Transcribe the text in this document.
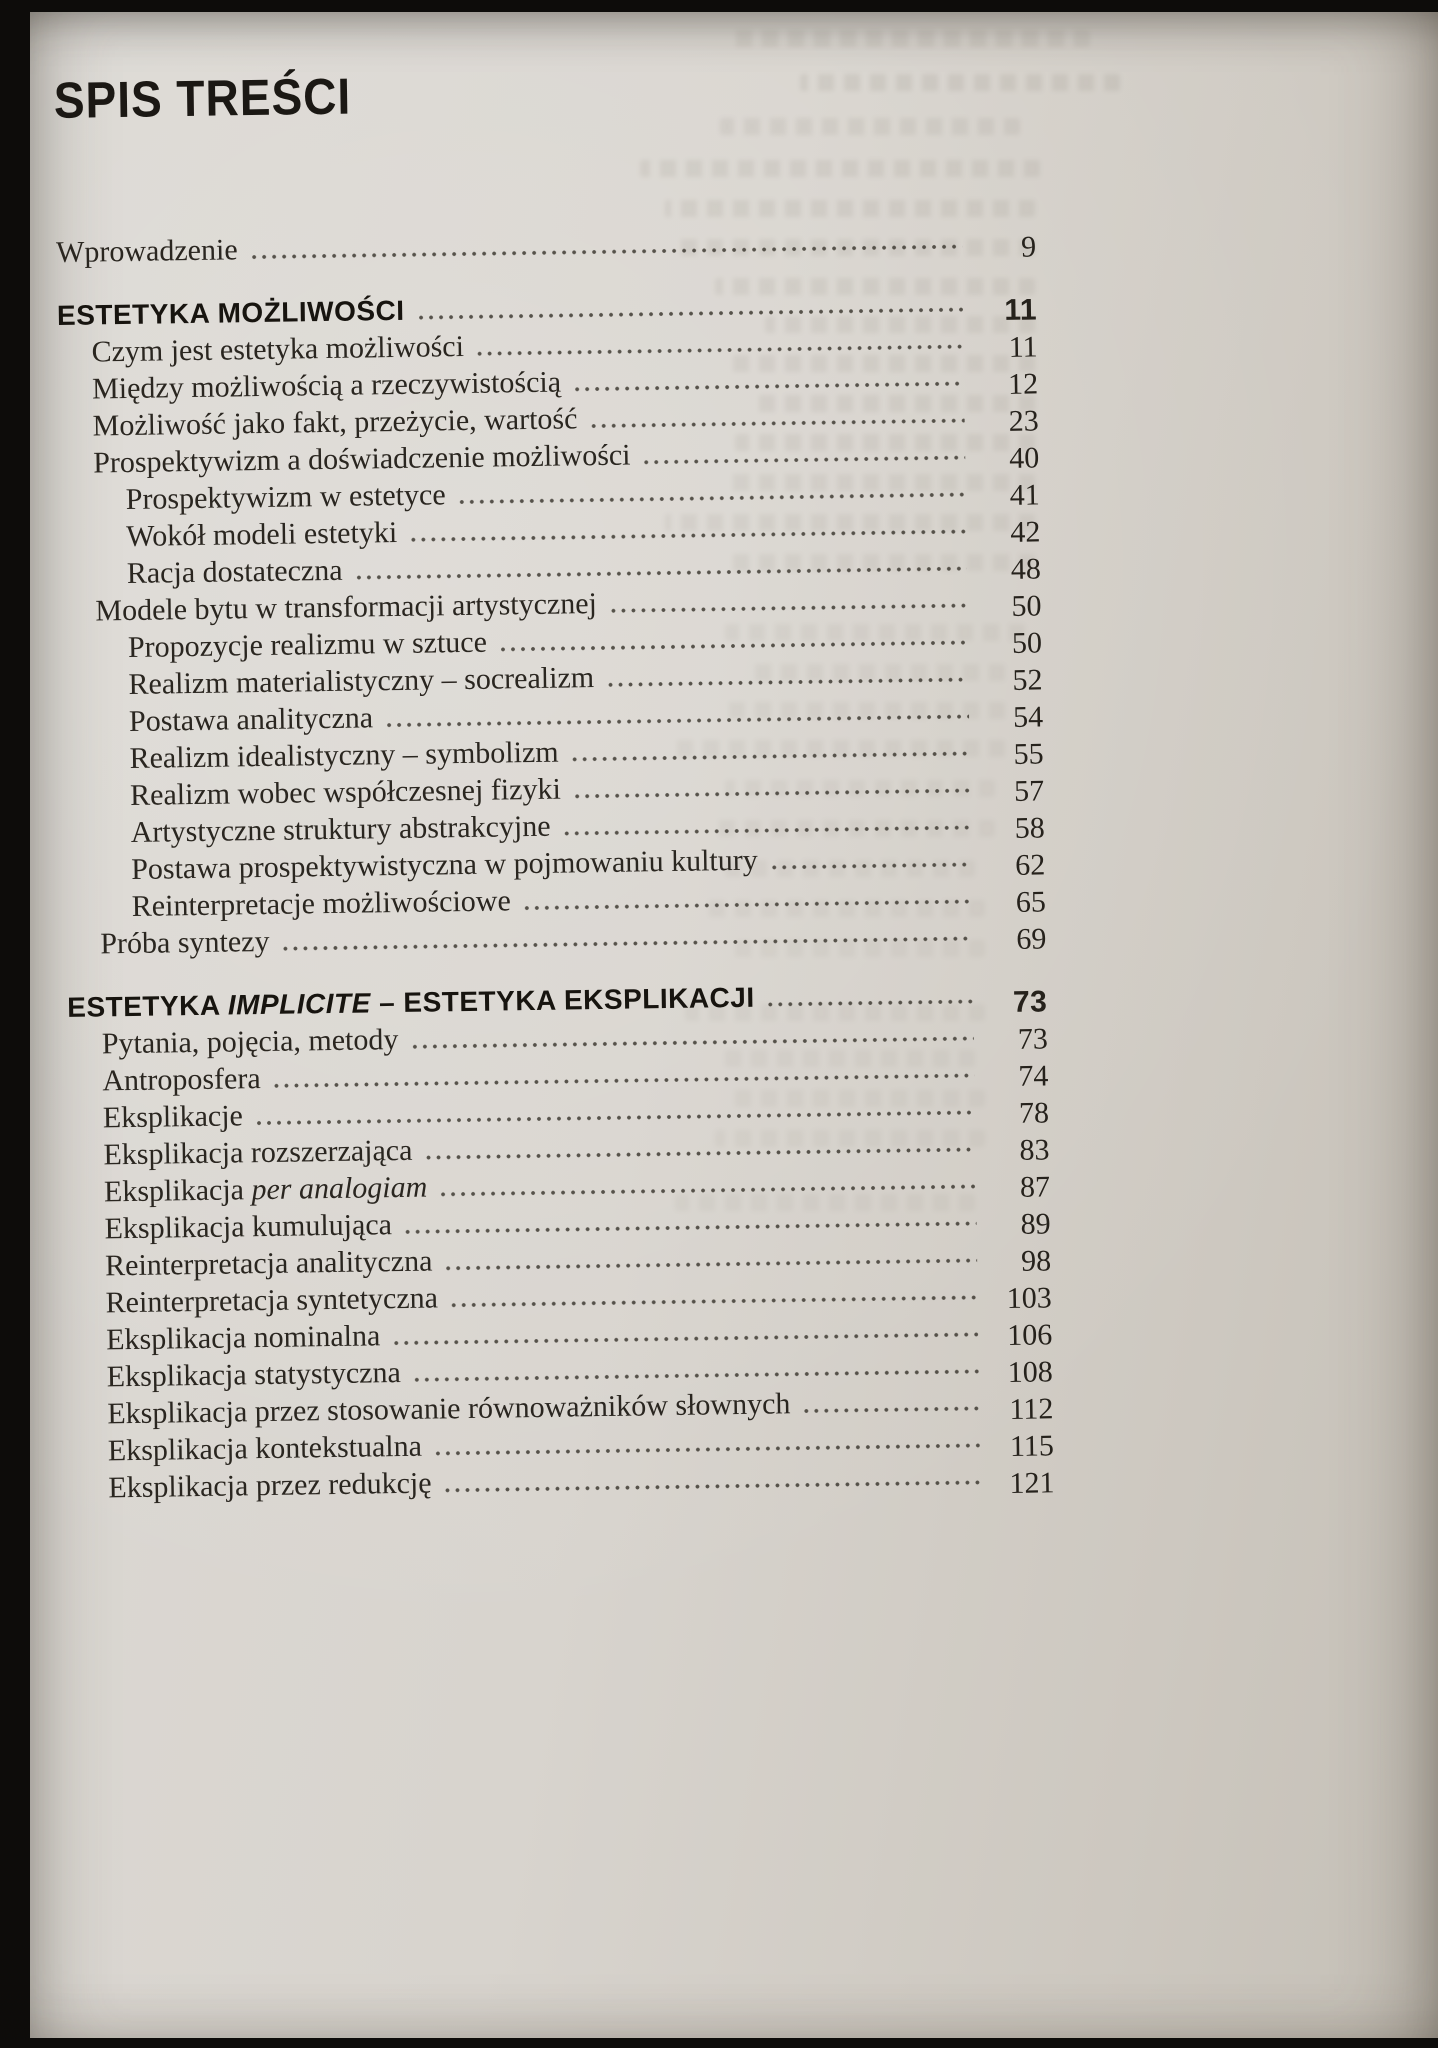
SPIS TREŚCI
Wprowadzenie	9
ESTETYKA MOŻLIWOŚCI	11
Czym jest estetyka możliwości	11
Między możliwością a rzeczywistością	12
Możliwość jako fakt, przeżycie, wartość	23
Prospektywizm a doświadczenie możliwości	40
Prospektywizm w estetyce	41
Wokół modeli estetyki	42
Racja dostateczna	48
Modele bytu w transformacji artystycznej	50
Propozycje realizmu w sztuce	50
Realizm materialistyczny – socrealizm	52
Postawa analityczna	54
Realizm idealistyczny – symbolizm	55
Realizm wobec współczesnej fizyki	57
Artystyczne struktury abstrakcyjne	58
Postawa prospektywistyczna w pojmowaniu kultury	62
Reinterpretacje możliwościowe	65
Próba syntezy	69
ESTETYKA IMPLICITE – ESTETYKA EKSPLIKACJI	73
Pytania, pojęcia, metody	73
Antroposfera	74
Eksplikacje	78
Eksplikacja rozszerzająca	83
Eksplikacja per analogiam	87
Eksplikacja kumulująca	89
Reinterpretacja analityczna	98
Reinterpretacja syntetyczna	103
Eksplikacja nominalna	106
Eksplikacja statystyczna	108
Eksplikacja przez stosowanie równoważników słownych	112
Eksplikacja kontekstualna	115
Eksplikacja przez redukcję	121
